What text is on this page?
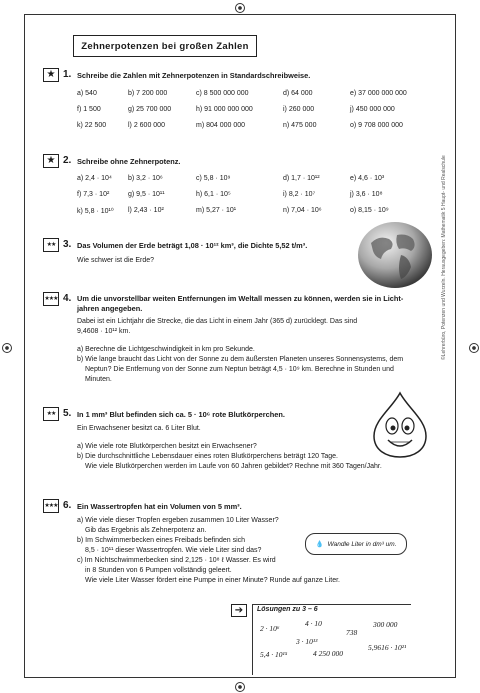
Zehnerpotenzen bei großen Zahlen
★ 1. Schreibe die Zahlen mit Zehnerpotenzen in Standardschreibweise.
a) 540	b) 7 200 000	c) 8 500 000 000	d) 64 000	e) 37 000 000 000
f) 1 500	g) 25 700 000	h) 91 000 000 000	i) 260 000	j) 450 000 000
k) 22 500	l) 2 600 000	m) 804 000 000	n) 475 000	o) 9 708 000 000
★ 2. Schreibe ohne Zehnerpotenz.
a) 2,4 · 10⁴	b) 3,2 · 10⁶	c) 5,8 · 10⁹	d) 1,7 · 10¹²	e) 4,6 · 10³
f) 7,3 · 10²	g) 9,5 · 10¹¹	h) 6,1 · 10⁵	i) 8,2 · 10⁷	j) 3,6 · 10⁸
k) 5,8 · 10¹⁰	l) 2,43 · 10²	m) 5,27 · 10¹	n) 7,04 · 10⁶	o) 8,15 · 10⁹
★★ 3. Das Volumen der Erde beträgt 1,08 · 10¹² km³, die Dichte 5,52 t/m³.
Wie schwer ist die Erde?
★★★ 4. Um die unvorstellbar weiten Entfernungen im Weltall messen zu können, werden sie in Licht-
jahren angegeben.
Dabei ist ein Lichtjahr die Strecke, die das Licht in einem Jahr (365 d) zurücklegt. Das sind
9,4608 · 10¹² km.
a) Berechne die Lichtgeschwindigkeit in km pro Sekunde.
b) Wie lange braucht das Licht von der Sonne zu dem äußersten Planeten unseres Sonnensystems, dem
Neptun? Die Entfernung von der Sonne zum Neptun beträgt 4,5 · 10⁹ km. Berechne in Stunden und
Minuten.
★★ 5. In 1 mm³ Blut befinden sich ca. 5 · 10⁶ rote Blutkörperchen.
Ein Erwachsener besitzt ca. 6 Liter Blut.
a) Wie viele rote Blutkörperchen besitzt ein Erwachsener?
b) Die durchschnittliche Lebensdauer eines roten Blutkörperchens beträgt 120 Tage.
Wie viele Blutkörperchen werden im Laufe von 60 Jahren gebildet? Rechne mit 360 Tagen/Jahr.
★★★ 6. Ein Wassertropfen hat ein Volumen von 5 mm³.
a) Wie viele dieser Tropfen ergeben zusammen 10 Liter Wasser?
Gib das Ergebnis als Zehnerpotenz an.
b) Im Schwimmerbecken eines Freibads befinden sich
8,5 · 10¹¹ dieser Wassertropfen. Wie viele Liter sind das?
c) Im Nichtschwimmerbecken sind 2,125 · 10⁸ ℓ Wasser. Es wird
in 8 Stunden von 6 Pumpen vollständig geleert.
Wie viele Liter Wasser fördert eine Pumpe in einer Minute? Runde auf ganze Liter.
💧 Wandle Liter in dm³ um.
➔	Lösungen zu 3 – 6
2 · 10⁶
4 · 10
738
300 000
3 · 10¹³
5,4 · 10¹⁵	4 250 000
5,9616 · 10²¹
©Lehrerbüro, Potenzen und Wurzeln. Herausgegeben: Mathematik 5 Haupt- und Realschule
